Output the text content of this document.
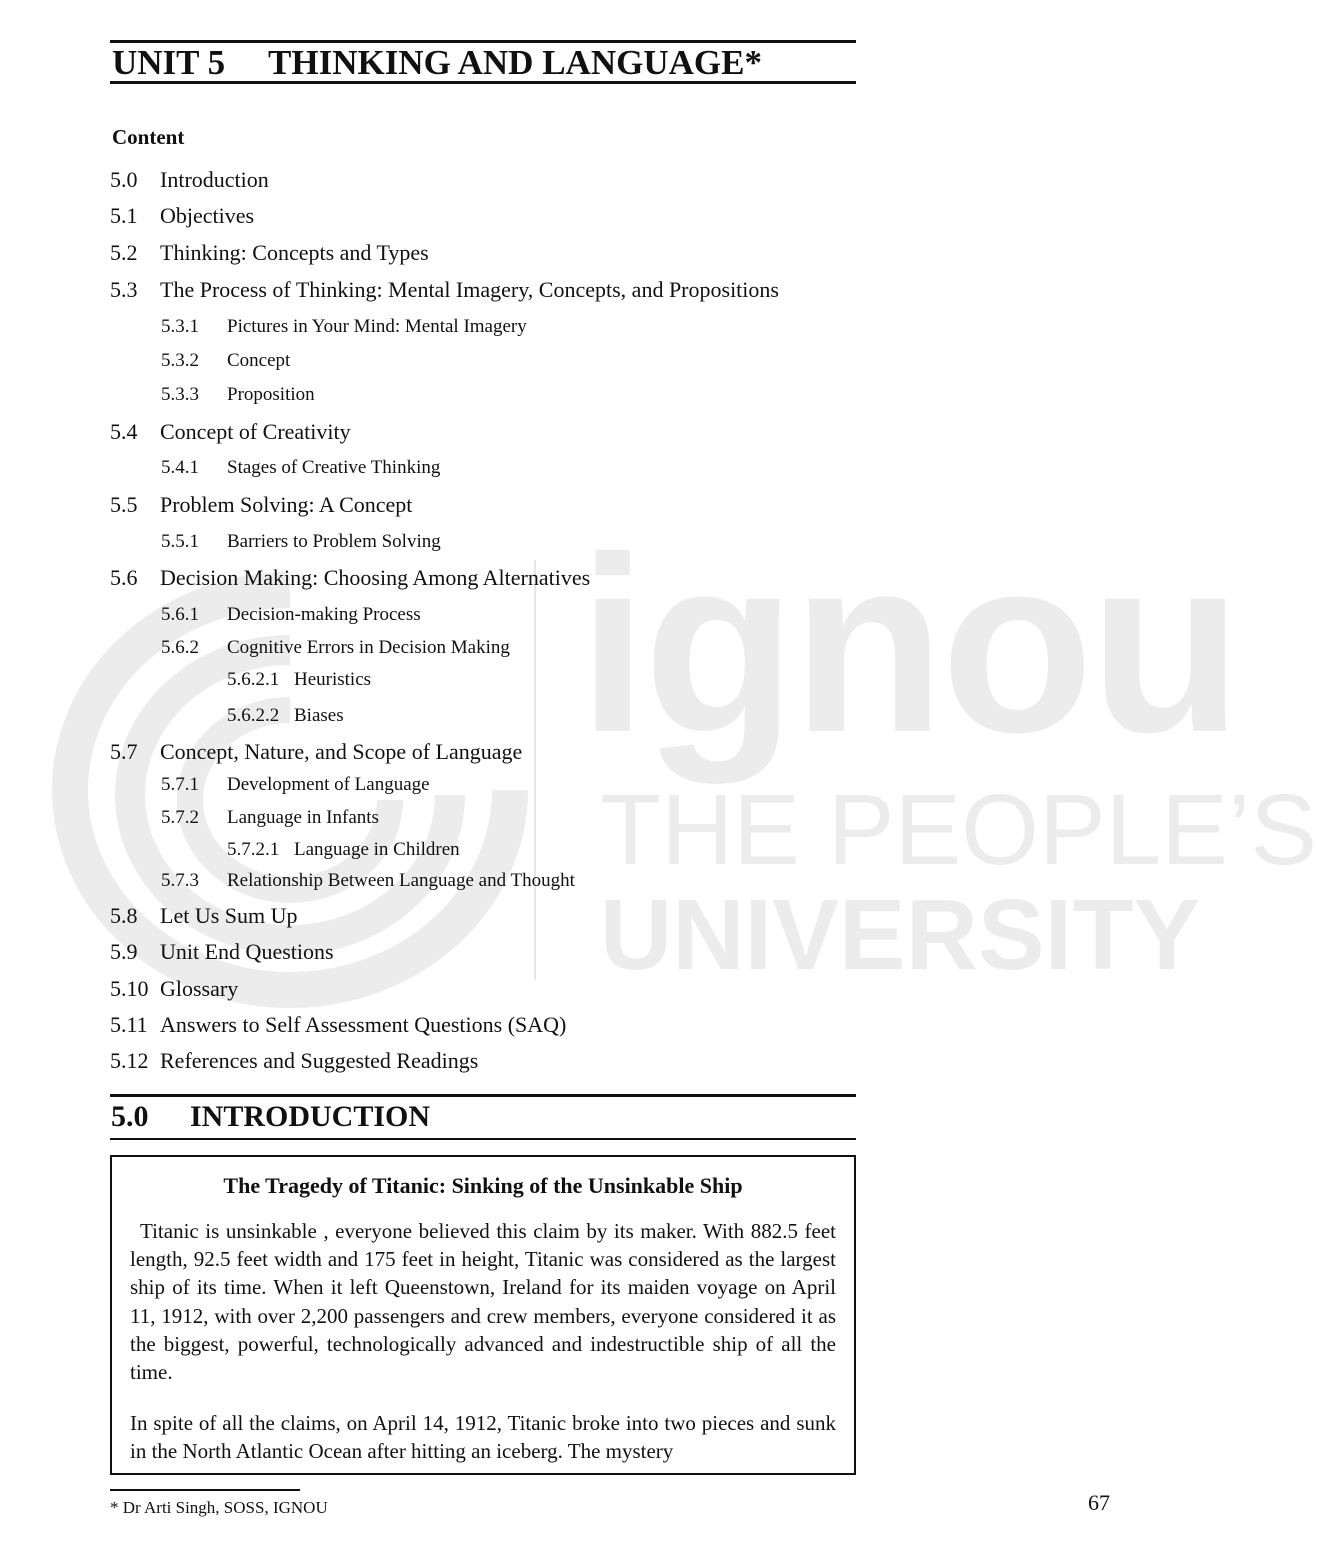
ignou
THE PEOPLE’S
UNIVERSITY
UNIT 5 THINKING AND LANGUAGE*
Content
5.0 Introduction
5.1 Objectives
5.2 Thinking: Concepts and Types
5.3 The Process of Thinking: Mental Imagery, Concepts, and Propositions
5.3.1 Pictures in Your Mind: Mental Imagery
5.3.2 Concept
5.3.3 Proposition
5.4 Concept of Creativity
5.4.1 Stages of Creative Thinking
5.5 Problem Solving: A Concept
5.5.1 Barriers to Problem Solving
5.6 Decision Making: Choosing Among Alternatives
5.6.1 Decision-making Process
5.6.2 Cognitive Errors in Decision Making
5.6.2.1 Heuristics
5.6.2.2 Biases
5.7 Concept, Nature, and Scope of Language
5.7.1 Development of Language
5.7.2 Language in Infants
5.7.2.1 Language in Children
5.7.3 Relationship Between Language and Thought
5.8 Let Us Sum Up
5.9 Unit End Questions
5.10 Glossary
5.11 Answers to Self Assessment Questions (SAQ)
5.12 References and Suggested Readings
5.0 INTRODUCTION
The Tragedy of Titanic: Sinking of the Unsinkable Ship

Titanic is unsinkable , everyone believed this claim by its maker. With 882.5 feet length, 92.5 feet width and 175 feet in height, Titanic was considered as the largest ship of its time. When it left Queenstown, Ireland for its maiden voyage on April 11, 1912, with over 2,200 passengers and crew members, everyone considered it as the biggest, powerful, technologically advanced and indestructible ship of all the time.

In spite of all the claims, on April 14, 1912, Titanic broke into two pieces and sunk in the North Atlantic Ocean after hitting an iceberg. The mystery

* Dr Arti Singh, SOSS, IGNOU	67
